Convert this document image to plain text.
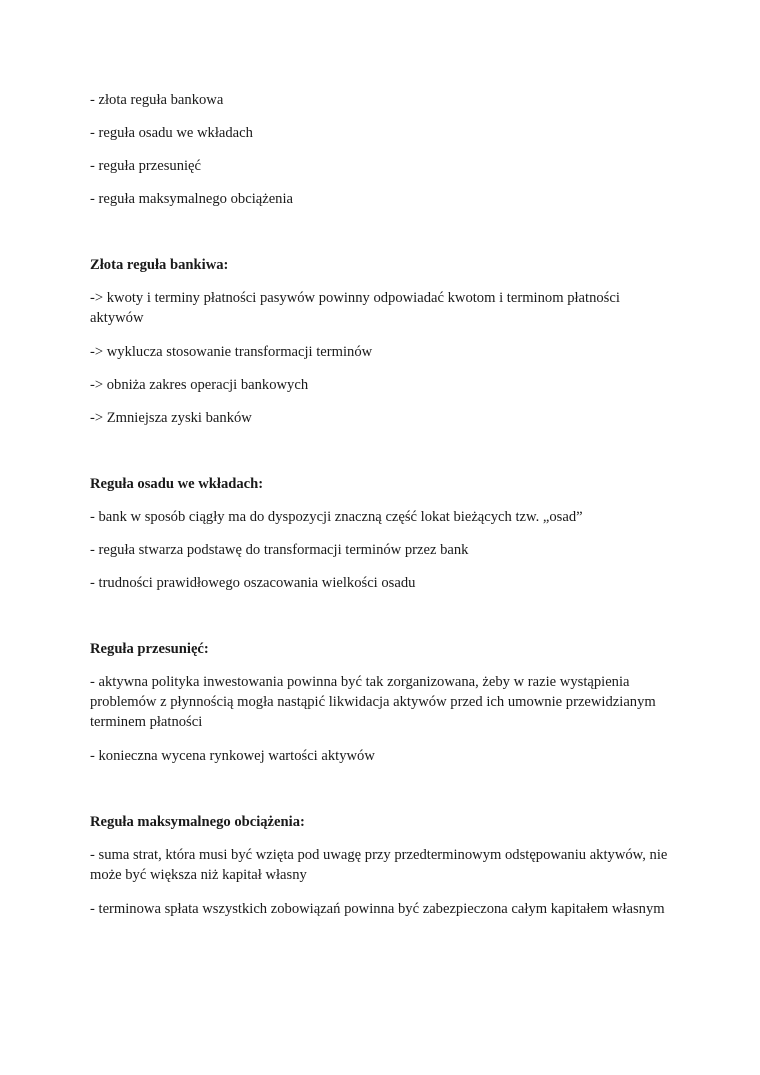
- złota reguła bankowa

- reguła osadu we wkładach

- reguła przesunięć

- reguła maksymalnego obciążenia

Złota reguła bankiwa:

-> kwoty i terminy płatności pasywów powinny odpowiadać kwotom i terminom płatności aktywów

-> wyklucza stosowanie transformacji terminów

-> obniża zakres operacji bankowych

-> Zmniejsza zyski banków

Reguła osadu we wkładach:

- bank w sposób ciągły ma do dyspozycji znaczną część lokat bieżących tzw. „osad”

- reguła stwarza podstawę do transformacji terminów przez bank

- trudności prawidłowego oszacowania wielkości osadu

Reguła przesunięć:

- aktywna polityka inwestowania powinna być tak zorganizowana, żeby w razie wystąpienia problemów z płynnością mogła nastąpić likwidacja aktywów przed ich umownie przewidzianym terminem płatności

- konieczna wycena rynkowej wartości aktywów

Reguła maksymalnego obciążenia:

- suma strat, która musi być wzięta pod uwagę przy przedterminowym odstępowaniu aktywów, nie może być większa niż kapitał własny

- terminowa spłata wszystkich zobowiązań powinna być zabezpieczona całym kapitałem własnym
